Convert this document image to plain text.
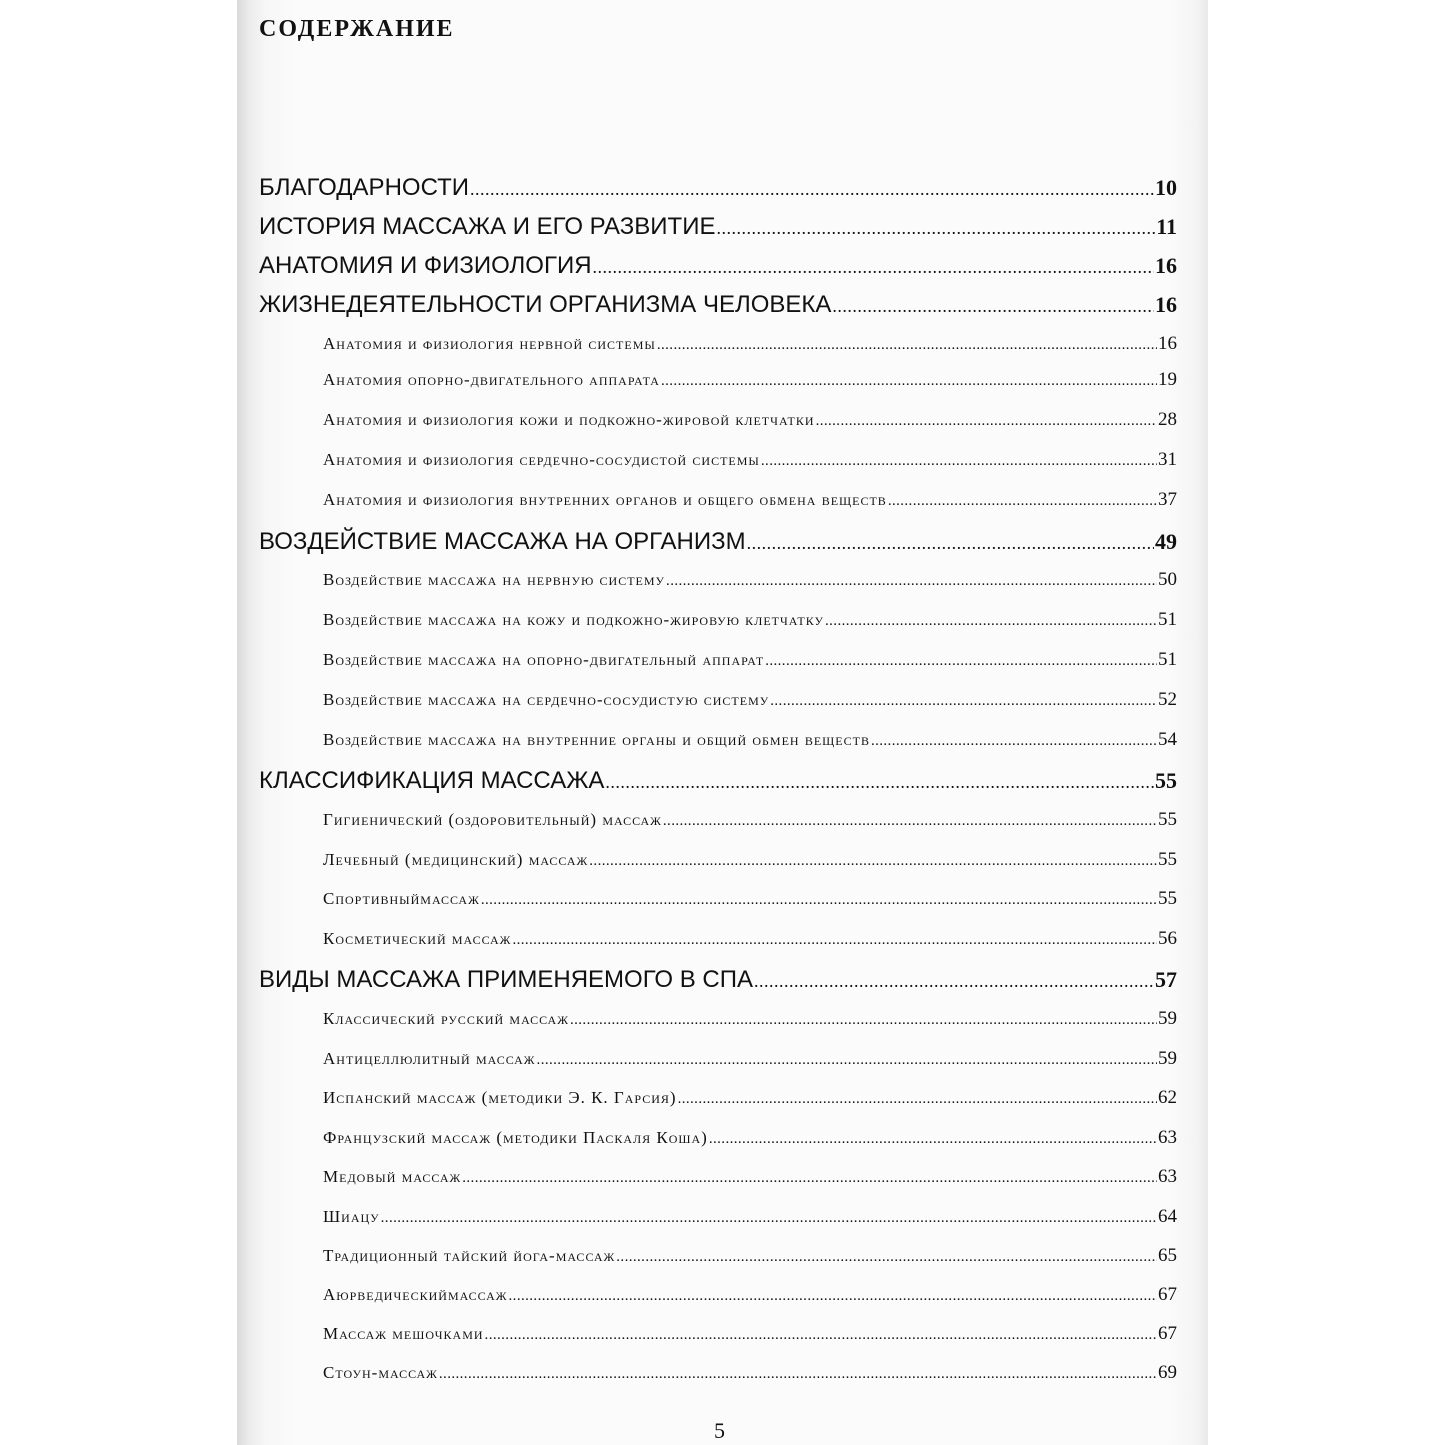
СОДЕРЖАНИЕ
БЛАГОДАРНОСТИ .....	10
ИСТОРИЯ МАССАЖА И ЕГО РАЗВИТИЕ .....	11
АНАТОМИЯ И ФИЗИОЛОГИЯ .....	16
ЖИЗНЕДЕЯТЕЛЬНОСТИ ОРГАНИЗМА ЧЕЛОВЕКА .....	16
Анатомия и физиология нервной системы .....	16
Анатомия опорно-двигательного аппарата .....	19
Анатомия и физиология кожи и подкожно-жировой клетчатки .....	28
Анатомия и физиология сердечно-сосудистой системы .....	31
Анатомия и физиология внутренних органов и общего обмена веществ .....	37
ВОЗДЕЙСТВИЕ МАССАЖА НА ОРГАНИЗМ .....	49
Воздействие массажа на нервную систему .....	50
Воздействие массажа на кожу и подкожно-жировую клетчатку .....	51
Воздействие массажа на опорно-двигательный аппарат .....	51
Воздействие массажа на сердечно-сосудистую систему .....	52
Воздействие массажа на внутренние органы и общий обмен веществ .....	54
КЛАССИФИКАЦИЯ МАССАЖА .....	55
Гигиенический (оздоровительный) массаж .....	55
Лечебный (медицинский) массаж .....	55
Спортивныймассаж .....	55
Косметический массаж .....	56
ВИДЫ МАССАЖА ПРИМЕНЯЕМОГО В СПА .....	57
Классический русский массаж .....	59
Антицеллюлитный массаж .....	59
Испанский массаж (методики Э. К. Гарсия) .....	62
Французский массаж (методики Паскаля Коша) .....	63
Медовый массаж .....	63
Шиацу .....	64
Традиционный тайский йога-массаж .....	65
Аюрведическиймассаж .....	67
Массаж мешочками .....	67
Стоун-массаж .....	69
5
